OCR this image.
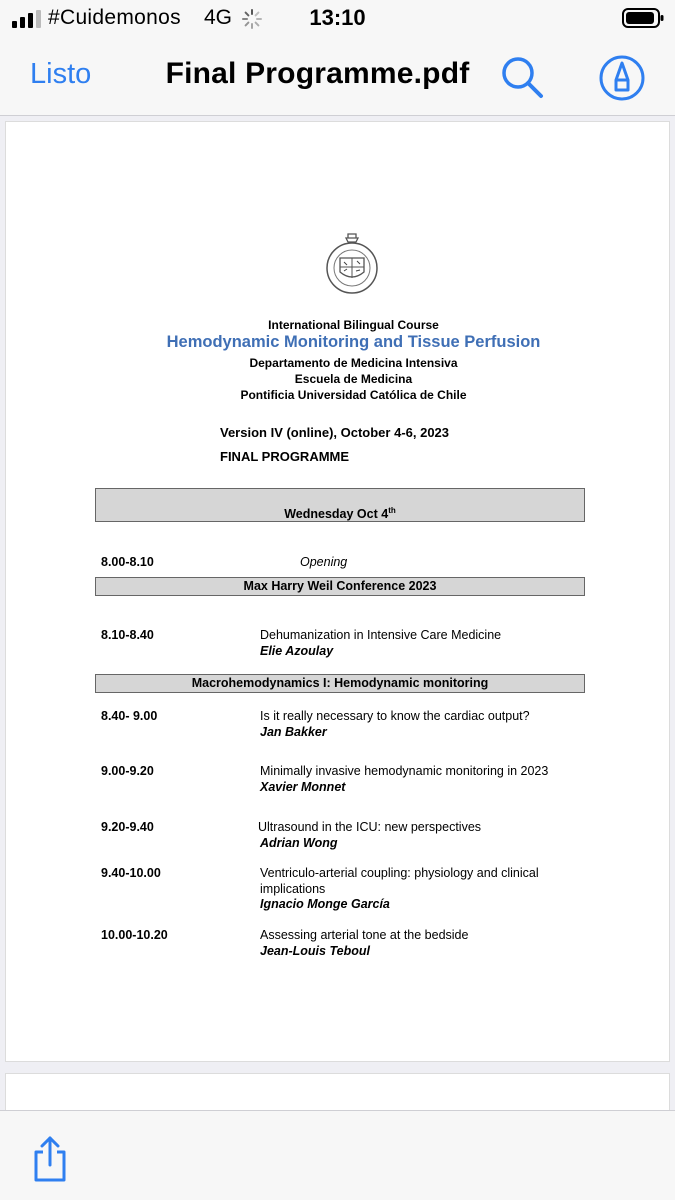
#Cuidemonos 4G	13:10
Listo	Final Programme.pdf
International Bilingual Course
Hemodynamic Monitoring and Tissue Perfusion
Departamento de Medicina Intensiva
Escuela de Medicina
Pontificia Universidad Católica de Chile
Version IV (online), October 4-6, 2023
FINAL PROGRAMME
Wednesday Oct 4th
8.00-8.10	Opening
Max Harry Weil Conference 2023
8.10-8.40	Dehumanization in Intensive Care Medicine
Elie Azoulay
Macrohemodynamics I: Hemodynamic monitoring
8.40- 9.00	Is it really necessary to know the cardiac output?
Jan Bakker
9.00-9.20	Minimally invasive hemodynamic monitoring in 2023
Xavier Monnet
9.20-9.40	Ultrasound in the ICU: new perspectives
Adrian Wong
9.40-10.00	Ventriculo-arterial coupling: physiology and clinical implications
Ignacio Monge García
10.00-10.20	Assessing arterial tone at the bedside
Jean-Louis Teboul
